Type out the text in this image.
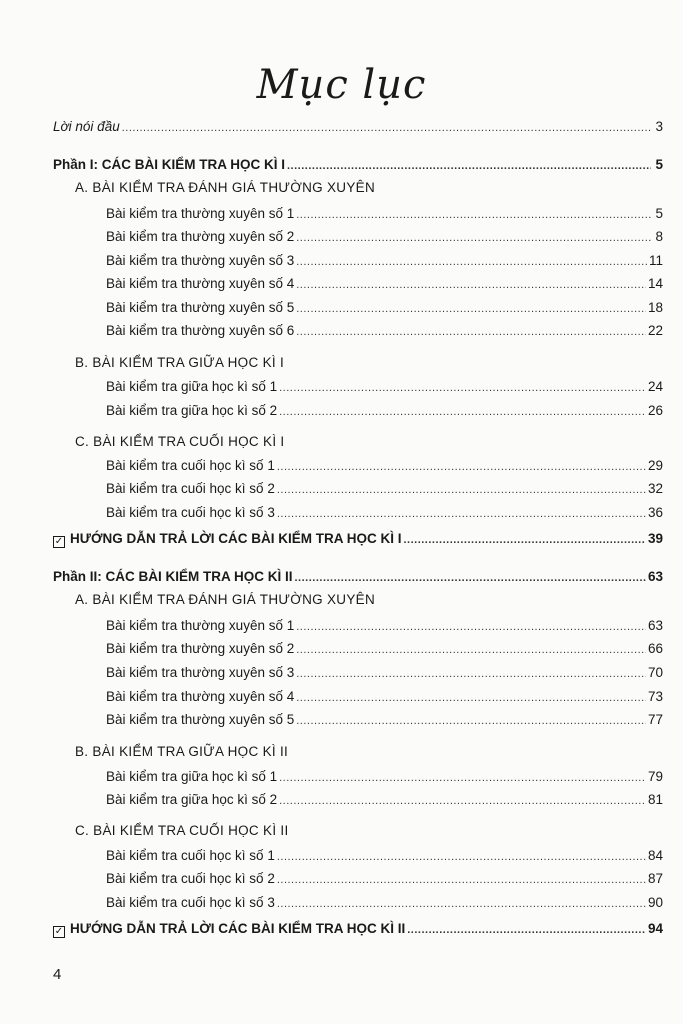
Mục lục
Lời nói đầu .....	3
Phần I: CÁC BÀI KIỂM TRA HỌC KÌ I .....	5
A. BÀI KIỂM TRA ĐÁNH GIÁ THƯỜNG XUYÊN
Bài kiểm tra thường xuyên số 1 .....	5
Bài kiểm tra thường xuyên số 2 .....	8
Bài kiểm tra thường xuyên số 3 .....	11
Bài kiểm tra thường xuyên số 4 .....	14
Bài kiểm tra thường xuyên số 5 .....	18
Bài kiểm tra thường xuyên số 6 .....	22
B. BÀI KIỂM TRA GIỮA HỌC KÌ I
Bài kiểm tra giữa học kì số 1 .....	24
Bài kiểm tra giữa học kì số 2 .....	26
C. BÀI KIỂM TRA CUỐI HỌC KÌ I
Bài kiểm tra cuối học kì số 1 .....	29
Bài kiểm tra cuối học kì số 2 .....	32
Bài kiểm tra cuối học kì số 3 .....	36
✓ HƯỚNG DẪN TRẢ LỜI CÁC BÀI KIỂM TRA HỌC KÌ I .....	39
Phần II: CÁC BÀI KIỂM TRA HỌC KÌ II .....	63
A. BÀI KIỂM TRA ĐÁNH GIÁ THƯỜNG XUYÊN
Bài kiểm tra thường xuyên số 1 .....	63
Bài kiểm tra thường xuyên số 2 .....	66
Bài kiểm tra thường xuyên số 3 .....	70
Bài kiểm tra thường xuyên số 4 .....	73
Bài kiểm tra thường xuyên số 5 .....	77
B. BÀI KIỂM TRA GIỮA HỌC KÌ II
Bài kiểm tra giữa học kì số 1 .....	79
Bài kiểm tra giữa học kì số 2 .....	81
C. BÀI KIỂM TRA CUỐI HỌC KÌ II
Bài kiểm tra cuối học kì số 1 .....	84
Bài kiểm tra cuối học kì số 2 .....	87
Bài kiểm tra cuối học kì số 3 .....	90
✓ HƯỚNG DẪN TRẢ LỜI CÁC BÀI KIỂM TRA HỌC KÌ II .....	94
4
